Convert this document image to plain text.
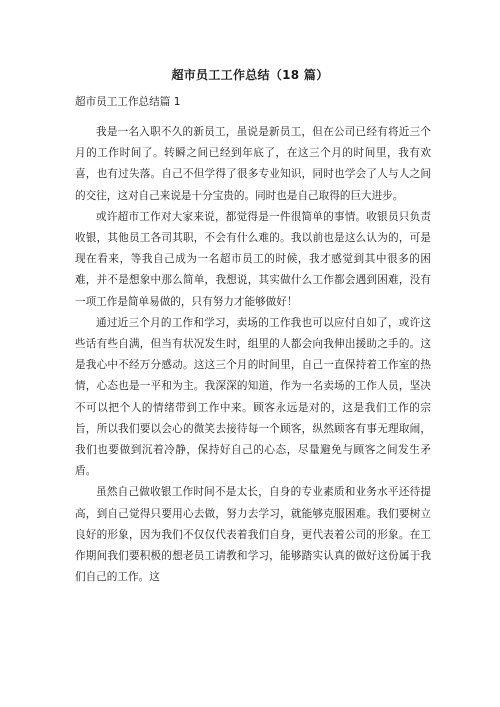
超市员工工作总结（18 篇）
超市员工工作总结篇 1

我是一名入职不久的新员工，虽说是新员工，但在公司已经有将近三个月的工作时间了。转瞬之间已经到年底了，在这三个月的时间里，我有欢喜，也有过失落。自己不但学得了很多专业知识，同时也学会了人与人之间的交往，这对自己来说是十分宝贵的。同时也是自己取得的巨大进步。

或许超市工作对大家来说，都觉得是一件很简单的事情。收银员只负责收银，其他员工各司其职，不会有什么难的。我以前也是这么认为的，可是现在看来，等我自己成为一名超市员工的时候，我才感觉到其中很多的困难，并不是想象中那么简单，我想说，其实做什么工作都会遇到困难，没有一项工作是简单易做的，只有努力才能够做好！

通过近三个月的工作和学习，卖场的工作我也可以应付自如了，或许这些话有些自满，但当有状况发生时，组里的人都会向我伸出援助之手的。这是我心中不经万分感动。这这三个月的时间里，自己一直保持着工作室的热情，心态也是一平和为主。我深深的知道，作为一名卖场的工作人员，坚决不可以把个人的情绪带到工作中来。顾客永远是对的，这是我们工作的宗旨，所以我们要以会心的微笑去接待每一个顾客，纵然顾客有事无理取闹，我们也要做到沉着冷静，保持好自己的心态，尽量避免与顾客之间发生矛盾。

虽然自己做收银工作时间不是太长，自身的专业素质和业务水平还待提高，到自己觉得只要用心去做，努力去学习，就能够克服困难。我们要树立良好的形象，因为我们不仅仅代表着我们自身，更代表着公司的形象。在工作期间我们要积极的想老员工请教和学习，能够踏实认真的做好这份属于我们自己的工作。这
